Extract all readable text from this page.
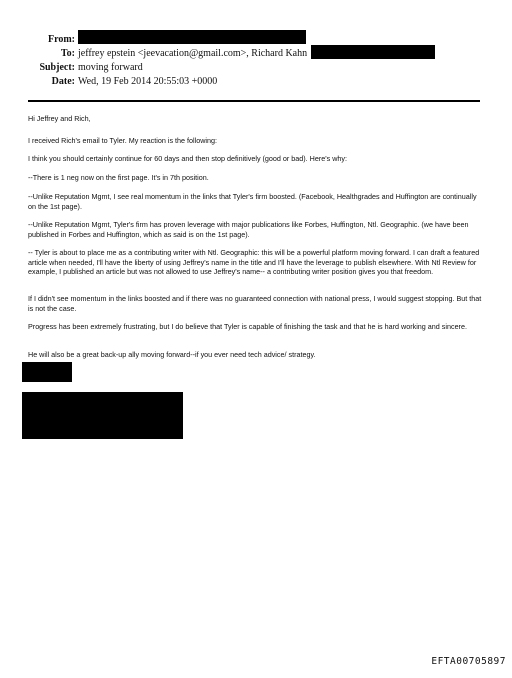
From:
To: jeffrey epstein <jeevacation@gmail.com>, Richard Kahn
Subject: moving forward
Date: Wed, 19 Feb 2014 20:55:03 +0000

Hi Jeffrey and Rich,

I received Rich's email to Tyler. My reaction is the following:

I think you should certainly continue for 60 days and then stop definitively (good or bad). Here's why:

--There is 1 neg now on the first page. It's in 7th position.

--Unlike Reputation Mgmt, I see real momentum in the links that Tyler's firm boosted. (Facebook, Healthgrades and Huffington are continually on the 1st page).

--Unlike Reputation Mgmt, Tyler's firm has proven leverage with major publications like Forbes, Huffington, Ntl. Geographic. (we have been published in Forbes and Huffington, which as said is on the 1st page).

-- Tyler is about to place me as a contributing writer with Ntl. Geographic: this will be a powerful platform moving forward. I can draft a featured article when needed, I'll have the liberty of using Jeffrey's name in the title and I'll have the leverage to publish elsewhere. With Ntl Review for example, I published an article but was not allowed to use Jeffrey's name-- a contributing writer position gives you that freedom.

If I didn't see momentum in the links boosted and if there was no guaranteed connection with national press, I would suggest stopping. But that is not the case.

Progress has been extremely frustrating, but I do believe that Tyler is capable of finishing the task and that he is hard working and sincere.

He will also be a great back-up ally moving forward--if you ever need tech advice/ strategy.

EFTA00705897
